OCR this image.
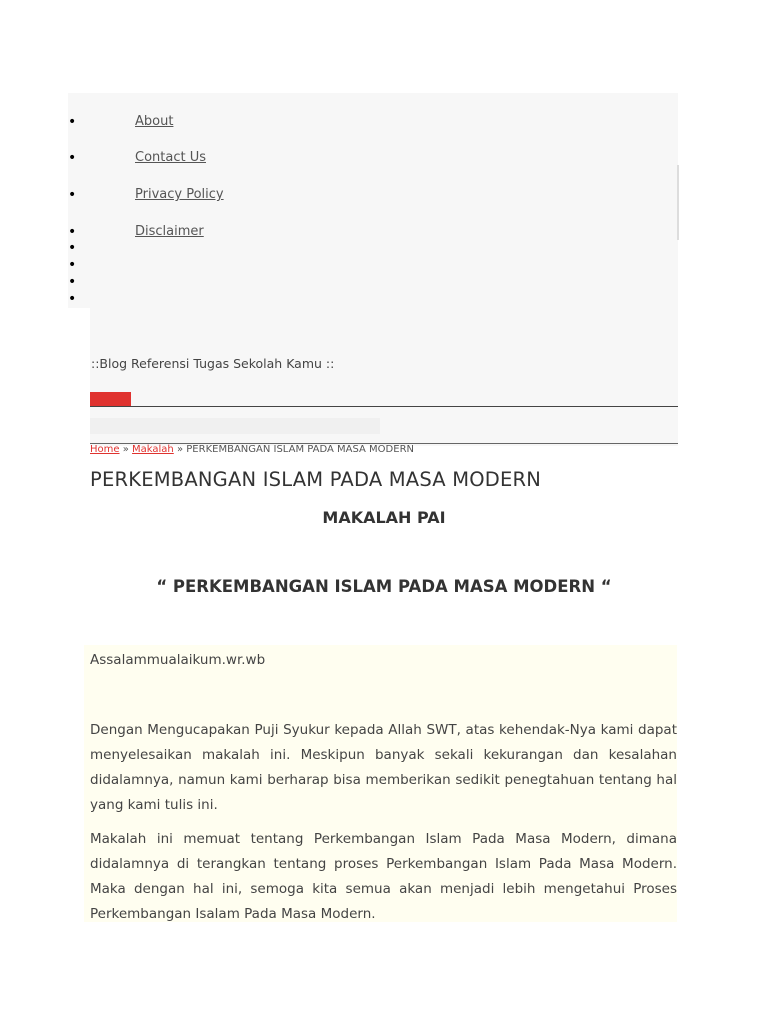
•	About
•	Contact Us
•	Privacy Policy
•	Disclaimer
•
•
•
•
::Blog Referensi Tugas Sekolah Kamu ::
Home » Makalah » PERKEMBANGAN ISLAM PADA MASA MODERN
PERKEMBANGAN ISLAM PADA MASA MODERN
MAKALAH PAI
“ PERKEMBANGAN ISLAM PADA MASA MODERN “

Assalammualaikum.wr.wb

Dengan Mengucapakan Puji Syukur kepada Allah SWT, atas kehendak-Nya kami dapat menyelesaikan makalah ini. Meskipun banyak sekali kekurangan dan kesalahan didalamnya, namun kami berharap bisa memberikan sedikit penegtahuan tentang hal yang kami tulis ini.

Makalah ini memuat tentang Perkembangan Islam Pada Masa Modern, dimana didalamnya di terangkan tentang proses Perkembangan Islam Pada Masa Modern. Maka dengan hal ini, semoga kita semua akan menjadi lebih mengetahui Proses Perkembangan Isalam Pada Masa Modern.
